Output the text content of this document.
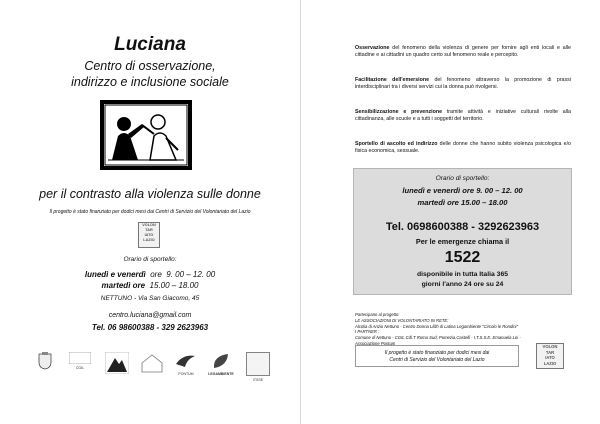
Luciana
Centro di osservazione,
indirizzo e inclusione sociale
per il contrasto alla violenza sulle donne
Il progetto è stato finanziato per dodici mesi dai Centri di Servizio del Volontariato del Lazio
VOLON
TAR
IATO
LAZIO
Orario di sportello:
lunedì e venerdì ore 9. 00 – 12. 00
martedì ore 15.00 – 18.00
NETTUNO - Via San Giacomo, 45
centro.luciana@gmail.com
Tel. 06 98600388 - 329 2623963
CGIL
PONTUM	LEGAMBIENTE
ITSSE
Osservazione del fenomeno della violenza di genere per fornire agli enti locali e alle cittadine e ai cittadini un quadro certo sul fenomeno reale e percepito.
Facilitazione dell'emersione del fenomeno attraverso la promozione di prassi interdisciplinari tra i diversi servizi cui la donna può rivolgersi.
Sensibilizzazione e prevenzione tramite attività e iniziative culturali rivolte alla cittadinanza, alle scuole e a tutti i soggetti del territorio.
Sportello di ascolto ed indirizzo delle donne che hanno subito violenza psicologica e/o fisica economica, sessuale.
Orario di sportello:
lunedì e venerdì ore 9. 00 – 12. 00
martedì ore 15.00 – 18.00
Tel. 0698600388 - 3292623963
Per le emergenze chiama il
1522
disponibile in tutta Italia 365
giorni l'anno 24 ore su 24
Partecipano al progetto:
LE ASSOCIAZIONI DI VOLONTARIATO IN RETE:
Alcolia di Anzio Nettuno - Centro Donna Lilith di Latina Legambiente "Circolo le Rondini"
I PARTNER :
Comune di Nettuno - CGIL Cdl.T Roma Sud, Pomezia,Castelli - I.T.S.S.E. Emanuela Loi -
Associazione Pontum
Il progetto è stato finanziato per dodici mesi dai
Centri di Servizio del Volontariato del Lazio
VOLON
TAR
IATO
LAZIO
